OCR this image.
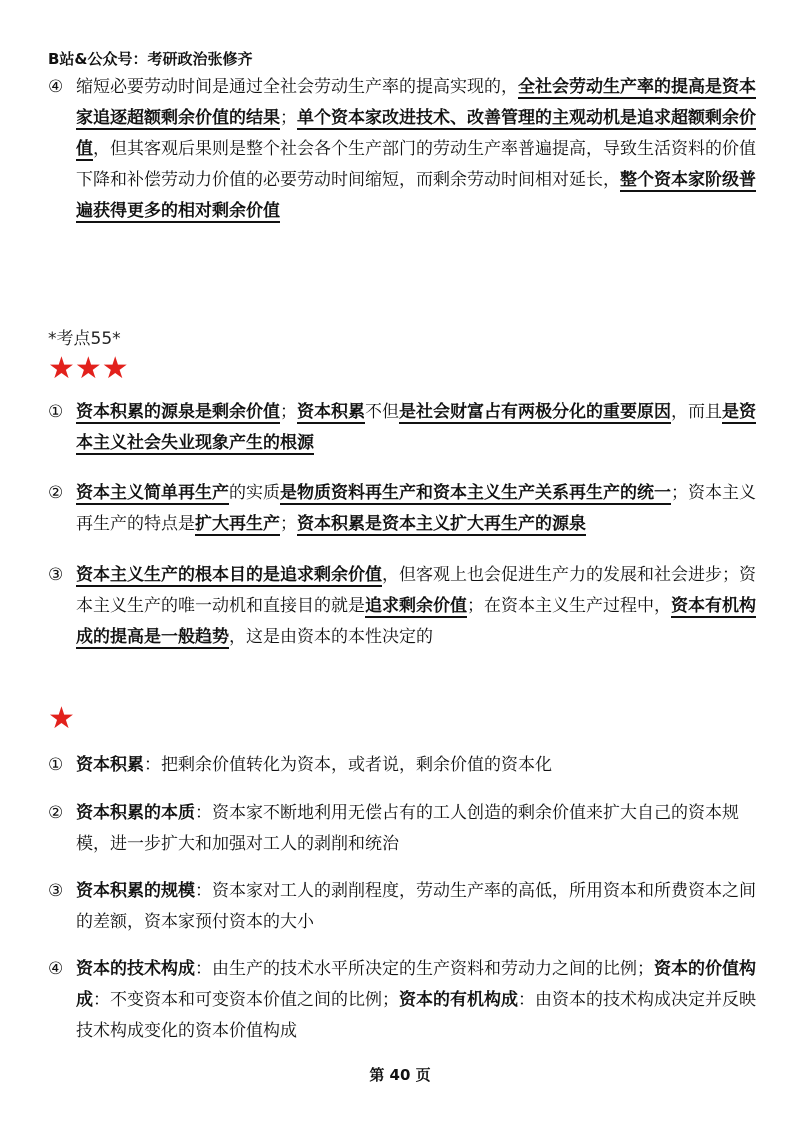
B站&公众号：考研政治张修齐
④ 缩短必要劳动时间是通过全社会劳动生产率的提高实现的，全社会劳动生产率的提高是资本家追逐超额剩余价值的结果；单个资本家改进技术、改善管理的主观动机是追求超额剩余价值，但其客观后果则是整个社会各个生产部门的劳动生产率普遍提高，导致生活资料的价值下降和补偿劳动力价值的必要劳动时间缩短，而剩余劳动时间相对延长，整个资本家阶级普遍获得更多的相对剩余价值
*考点55*
★★★
① 资本积累的源泉是剩余价值；资本积累不但是社会财富占有两极分化的重要原因，而且是资本主义社会失业现象产生的根源
② 资本主义简单再生产的实质是物质资料再生产和资本主义生产关系再生产的统一；资本主义再生产的特点是扩大再生产；资本积累是资本主义扩大再生产的源泉
③ 资本主义生产的根本目的是追求剩余价值，但客观上也会促进生产力的发展和社会进步；资本主义生产的唯一动机和直接目的就是追求剩余价值；在资本主义生产过程中，资本有机构成的提高是一般趋势，这是由资本的本性决定的
★
① 资本积累：把剩余价值转化为资本，或者说，剩余价值的资本化
② 资本积累的本质：资本家不断地利用无偿占有的工人创造的剩余价值来扩大自己的资本规模，进一步扩大和加强对工人的剥削和统治
③ 资本积累的规模：资本家对工人的剥削程度，劳动生产率的高低，所用资本和所费资本之间的差额，资本家预付资本的大小
④ 资本的技术构成：由生产的技术水平所决定的生产资料和劳动力之间的比例；资本的价值构成：不变资本和可变资本价值之间的比例；资本的有机构成：由资本的技术构成决定并反映技术构成变化的资本价值构成
第 40 页
